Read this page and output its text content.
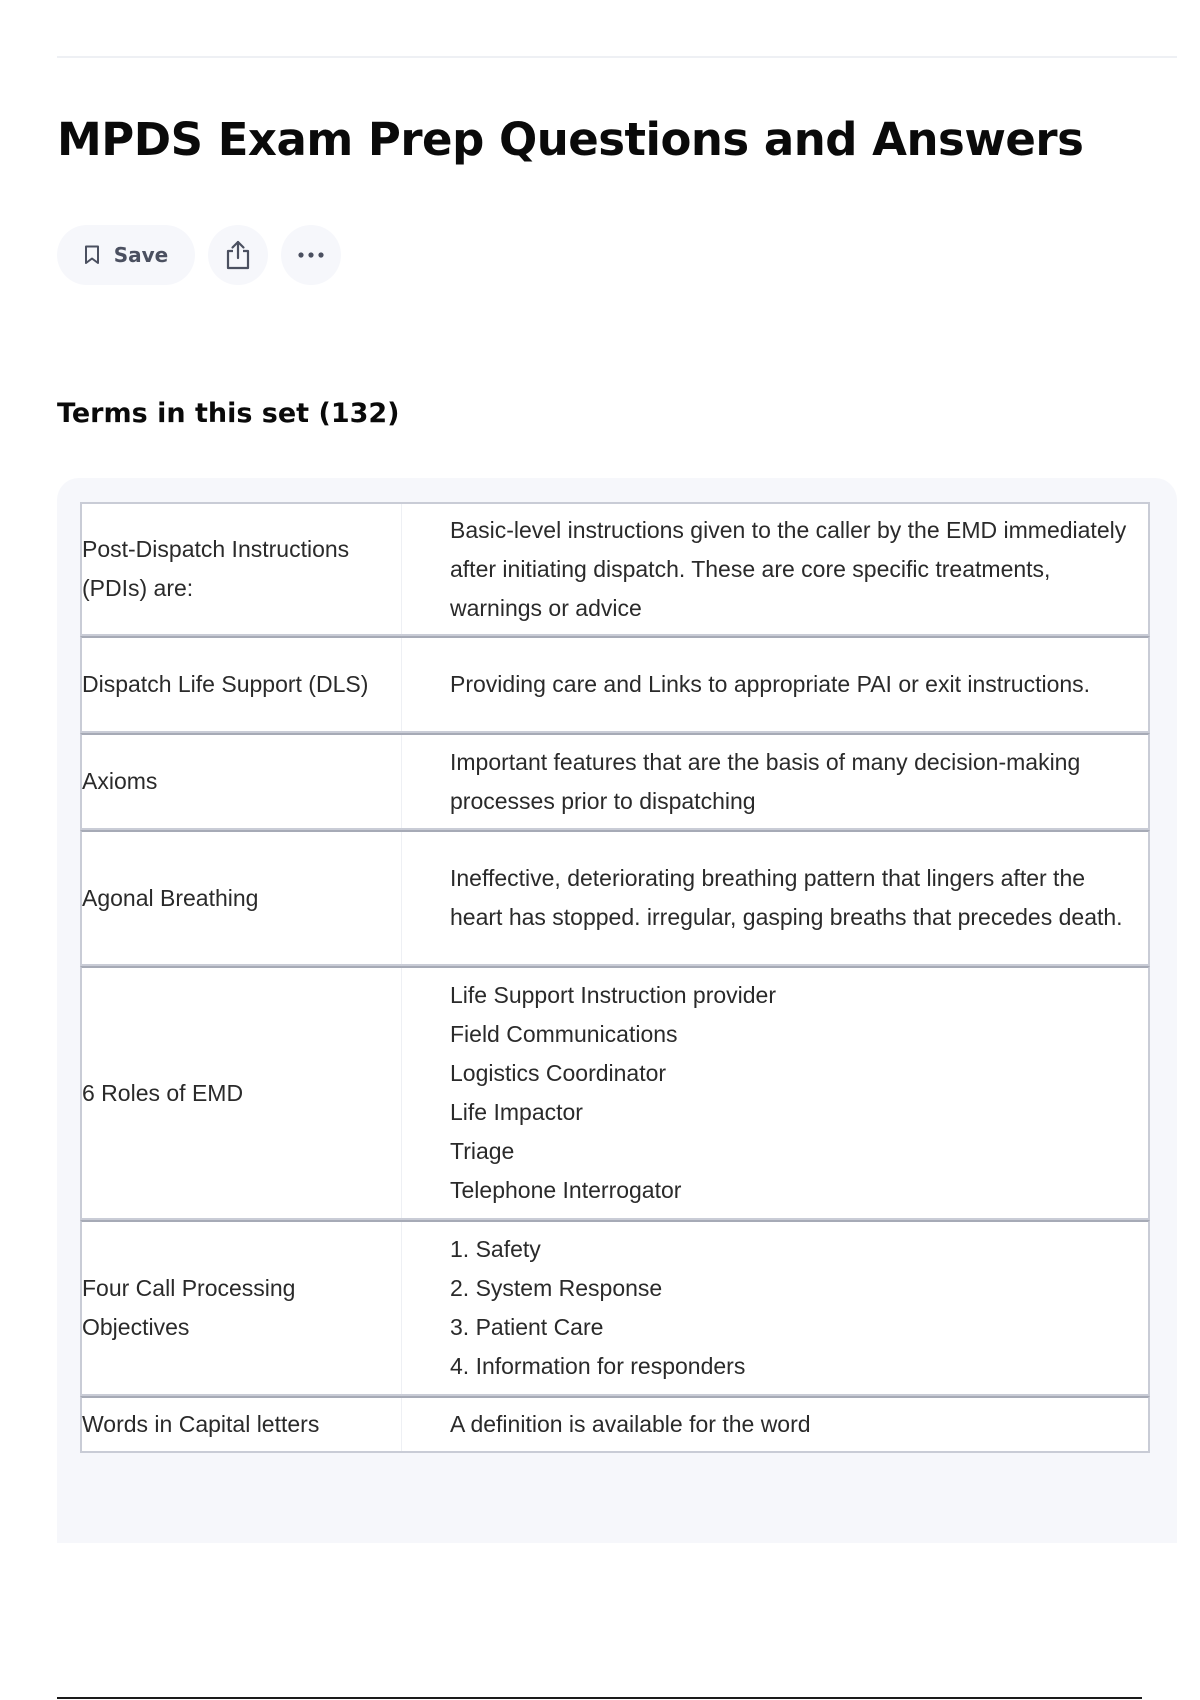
MPDS Exam Prep Questions and Answers
Save
Terms in this set (132)
Post-Dispatch Instructions (PDIs) are:
Basic-level instructions given to the caller by the EMD immediately after initiating dispatch. These are core specific treatments, warnings or advice
Dispatch Life Support (DLS)	Providing care and Links to appropriate PAI or exit instructions.
Axioms
Important features that are the basis of many decision-making processes prior to dispatching
Agonal Breathing
Ineffective, deteriorating breathing pattern that lingers after the heart has stopped. irregular, gasping breaths that precedes death.
6 Roles of EMD
Life Support Instruction provider
Field Communications
Logistics Coordinator
Life Impactor
Triage
Telephone Interrogator
Four Call Processing Objectives
1. Safety
2. System Response
3. Patient Care
4. Information for responders
Words in Capital letters	A definition is available for the word
